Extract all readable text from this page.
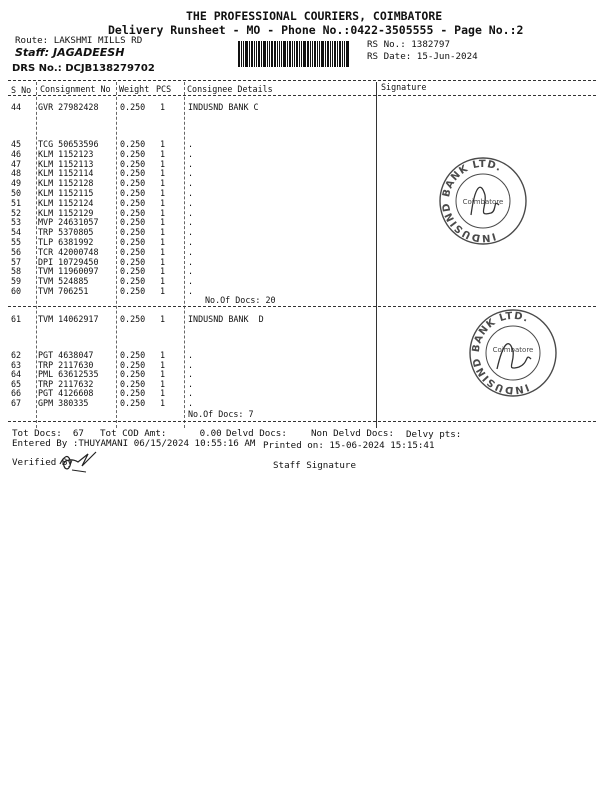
THE PROFESSIONAL COURIERS, COIMBATORE
Delivery Runsheet - MO - Phone No.:0422-3505555 - Page No.:2
Route: LAKSHMI MILLS RD
Staff: JAGADEESH
DRS No.: DCJB138279702
RS No.: 1382797
RS Date: 15-Jun-2024
S No Consignment No Weight PCS Consignee Details	Signature
44 GVR 27982428	0.250 1	INDUSND BANK C
45 TCG 50653596	0.250 1	.
46 KLM 1152123	0.250 1	.
47 KLM 1152113	0.250 1	.
48 KLM 1152114	0.250 1	.
49 KLM 1152128	0.250 1	.
50 KLM 1152115	0.250 1	.
51 KLM 1152124	0.250 1	.
52 KLM 1152129	0.250 1	.
53 MVP 24631057	0.250 1	.
54 TRP 5370805	0.250 1	.
55 TLP 6381992	0.250 1	.
56 TCR 42000748	0.250 1	.
57 DPI 10729450	0.250 1	.
58 TVM 11960097	0.250 1	.
59 TVM 524885	0.250 1	.
60 TVM 706251	0.250 1	.
No.Of Docs: 20
61 TVM 14062917	0.250 1	INDUSND BANK  D
62 PGT 4638047	0.250 1	.
63 TRP 2117630	0.250 1	.
64 PML 63612535	0.250 1	.
65 TRP 2117632	0.250 1	.
66 PGT 4126608	0.250 1	.
67 GPM 380335	0.250 1	.
No.Of Docs: 7
Tot Docs:  67 Tot COD Amt:      0.00 Delvd Docs:	Non Delvd Docs: Delvy pts:
Entered By :THUYAMANI 06/15/2024 10:55:16 AM Printed on: 15-06-2024 15:15:41
Verified By	Staff Signature
INDUSIND BANK LTD.
Coimbatore
INDUSIND BANK LTD.
Coimbatore
